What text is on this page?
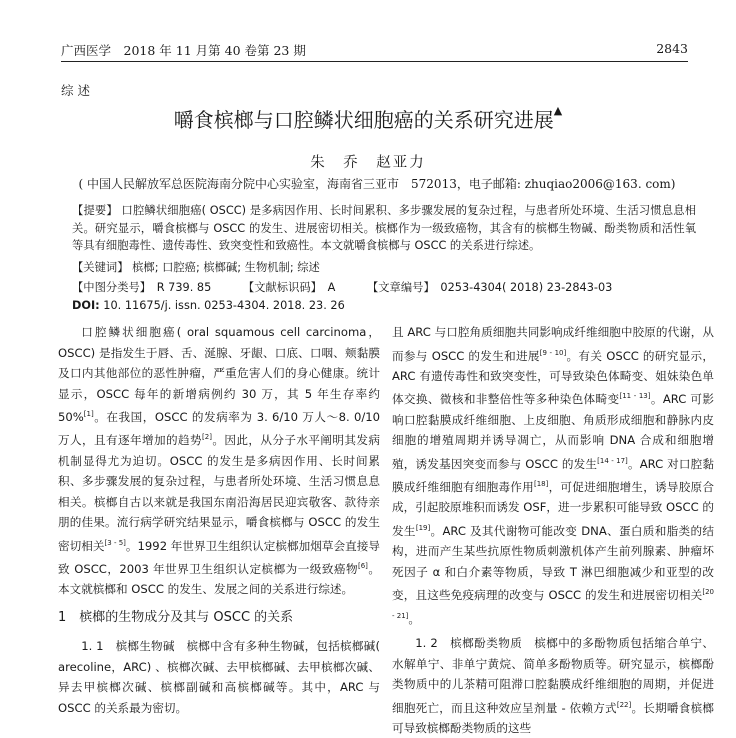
广西医学　2018 年 11 月第 40 卷第 23 期	2843
综 述
嚼食槟榔与口腔鳞状细胞癌的关系研究进展▲
朱　乔　赵亚力
( 中国人民解放军总医院海南分院中心实验室，海南省三亚市　572013，电子邮箱: zhuqiao2006@163. com)
【提要】 口腔鳞状细胞癌( OSCC) 是多病因作用、长时间累积、多步骤发展的复杂过程，与患者所处环境、生活习惯息息相关。研究显示，嚼食槟榔与 OSCC 的发生、进展密切相关。槟榔作为一级致癌物，其含有的槟榔生物碱、酚类物质和活性氧等具有细胞毒性、遗传毒性、致突变性和致癌性。本文就嚼食槟榔与 OSCC 的关系进行综述。
【关键词】 槟榔; 口腔癌; 槟榔碱; 生物机制; 综述
【中图分类号】　R 739. 85	【文献标识码】　A	【文章编号】　0253-4304( 2018) 23-2843-03
DOI: 10. 11675/j. issn. 0253-4304. 2018. 23. 26

口腔鳞状细胞癌( oral squamous cell carcinoma，OSCC) 是指发生于唇、舌、涎腺、牙龈、口底、口咽、颊黏膜及口内其他部位的恶性肿瘤，严重危害人们的身心健康。统计显示，OSCC 每年的新增病例约 30 万，其 5 年生存率约 50%[1]。在我国，OSCC 的发病率为 3. 6/10 万人～8. 0/10 万人，且有逐年增加的趋势[2]。因此，从分子水平阐明其发病机制显得尤为迫切。OSCC 的发生是多病因作用、长时间累积、多步骤发展的复杂过程，与患者所处环境、生活习惯息息相关。槟榔自古以来就是我国东南沿海居民迎宾敬客、款待亲朋的佳果。流行病学研究结果显示，嚼食槟榔与 OSCC 的发生密切相关[3 - 5]。1992 年世界卫生组织认定槟榔加烟草会直接导致 OSCC，2003 年世界卫生组织认定槟榔为一级致癌物[6]。本文就槟榔和 OSCC 的发生、发展之间的关系进行综述。

1　槟榔的生物成分及其与 OSCC 的关系

1. 1　槟榔生物碱　槟榔中含有多种生物碱，包括槟榔碱( arecoline，ARC) 、槟榔次碱、去甲槟榔碱、去甲槟榔次碱、异去甲槟榔次碱、槟榔副碱和高槟榔碱等。其中，ARC 与 OSCC 的关系最为密切。

且 ARC 与口腔角质细胞共同影响成纤维细胞中胶原的代谢，从而参与 OSCC 的发生和进展[9 - 10]。有关 OSCC 的研究显示，ARC 有遗传毒性和致突变性，可导致染色体畸变、姐妹染色单体交换、微核和非整倍性等多种染色体畸变[11 - 13]。ARC 可影响口腔黏膜成纤维细胞、上皮细胞、角质形成细胞和静脉内皮细胞的增殖周期并诱导凋亡，从而影响 DNA 合成和细胞增殖，诱发基因突变而参与 OSCC 的发生[14 - 17]。ARC 对口腔黏膜成纤维细胞有细胞毒作用[18]，可促进细胞增生，诱导胶原合成，引起胶原堆积而诱发 OSF，进一步累积可能导致 OSCC 的发生[19]。ARC 及其代谢物可能改变 DNA、蛋白质和脂类的结构，进而产生某些抗原性物质刺激机体产生前列腺素、肿瘤坏死因子 α 和白介素等物质，导致 T 淋巴细胞减少和亚型的改变，且这些免疫病理的改变与 OSCC 的发生和进展密切相关[20 - 21]。

1. 2　槟榔酚类物质　槟榔中的多酚物质包括缩合单宁、水解单宁、非单宁黄烷、简单多酚物质等。研究显示，槟榔酚类物质中的儿茶精可阻滞口腔黏膜成纤维细胞的周期，并促进细胞死亡，而且这种效应呈剂量 - 依赖方式[22]。长期嚼食槟榔可导致槟榔酚类物质的这些
